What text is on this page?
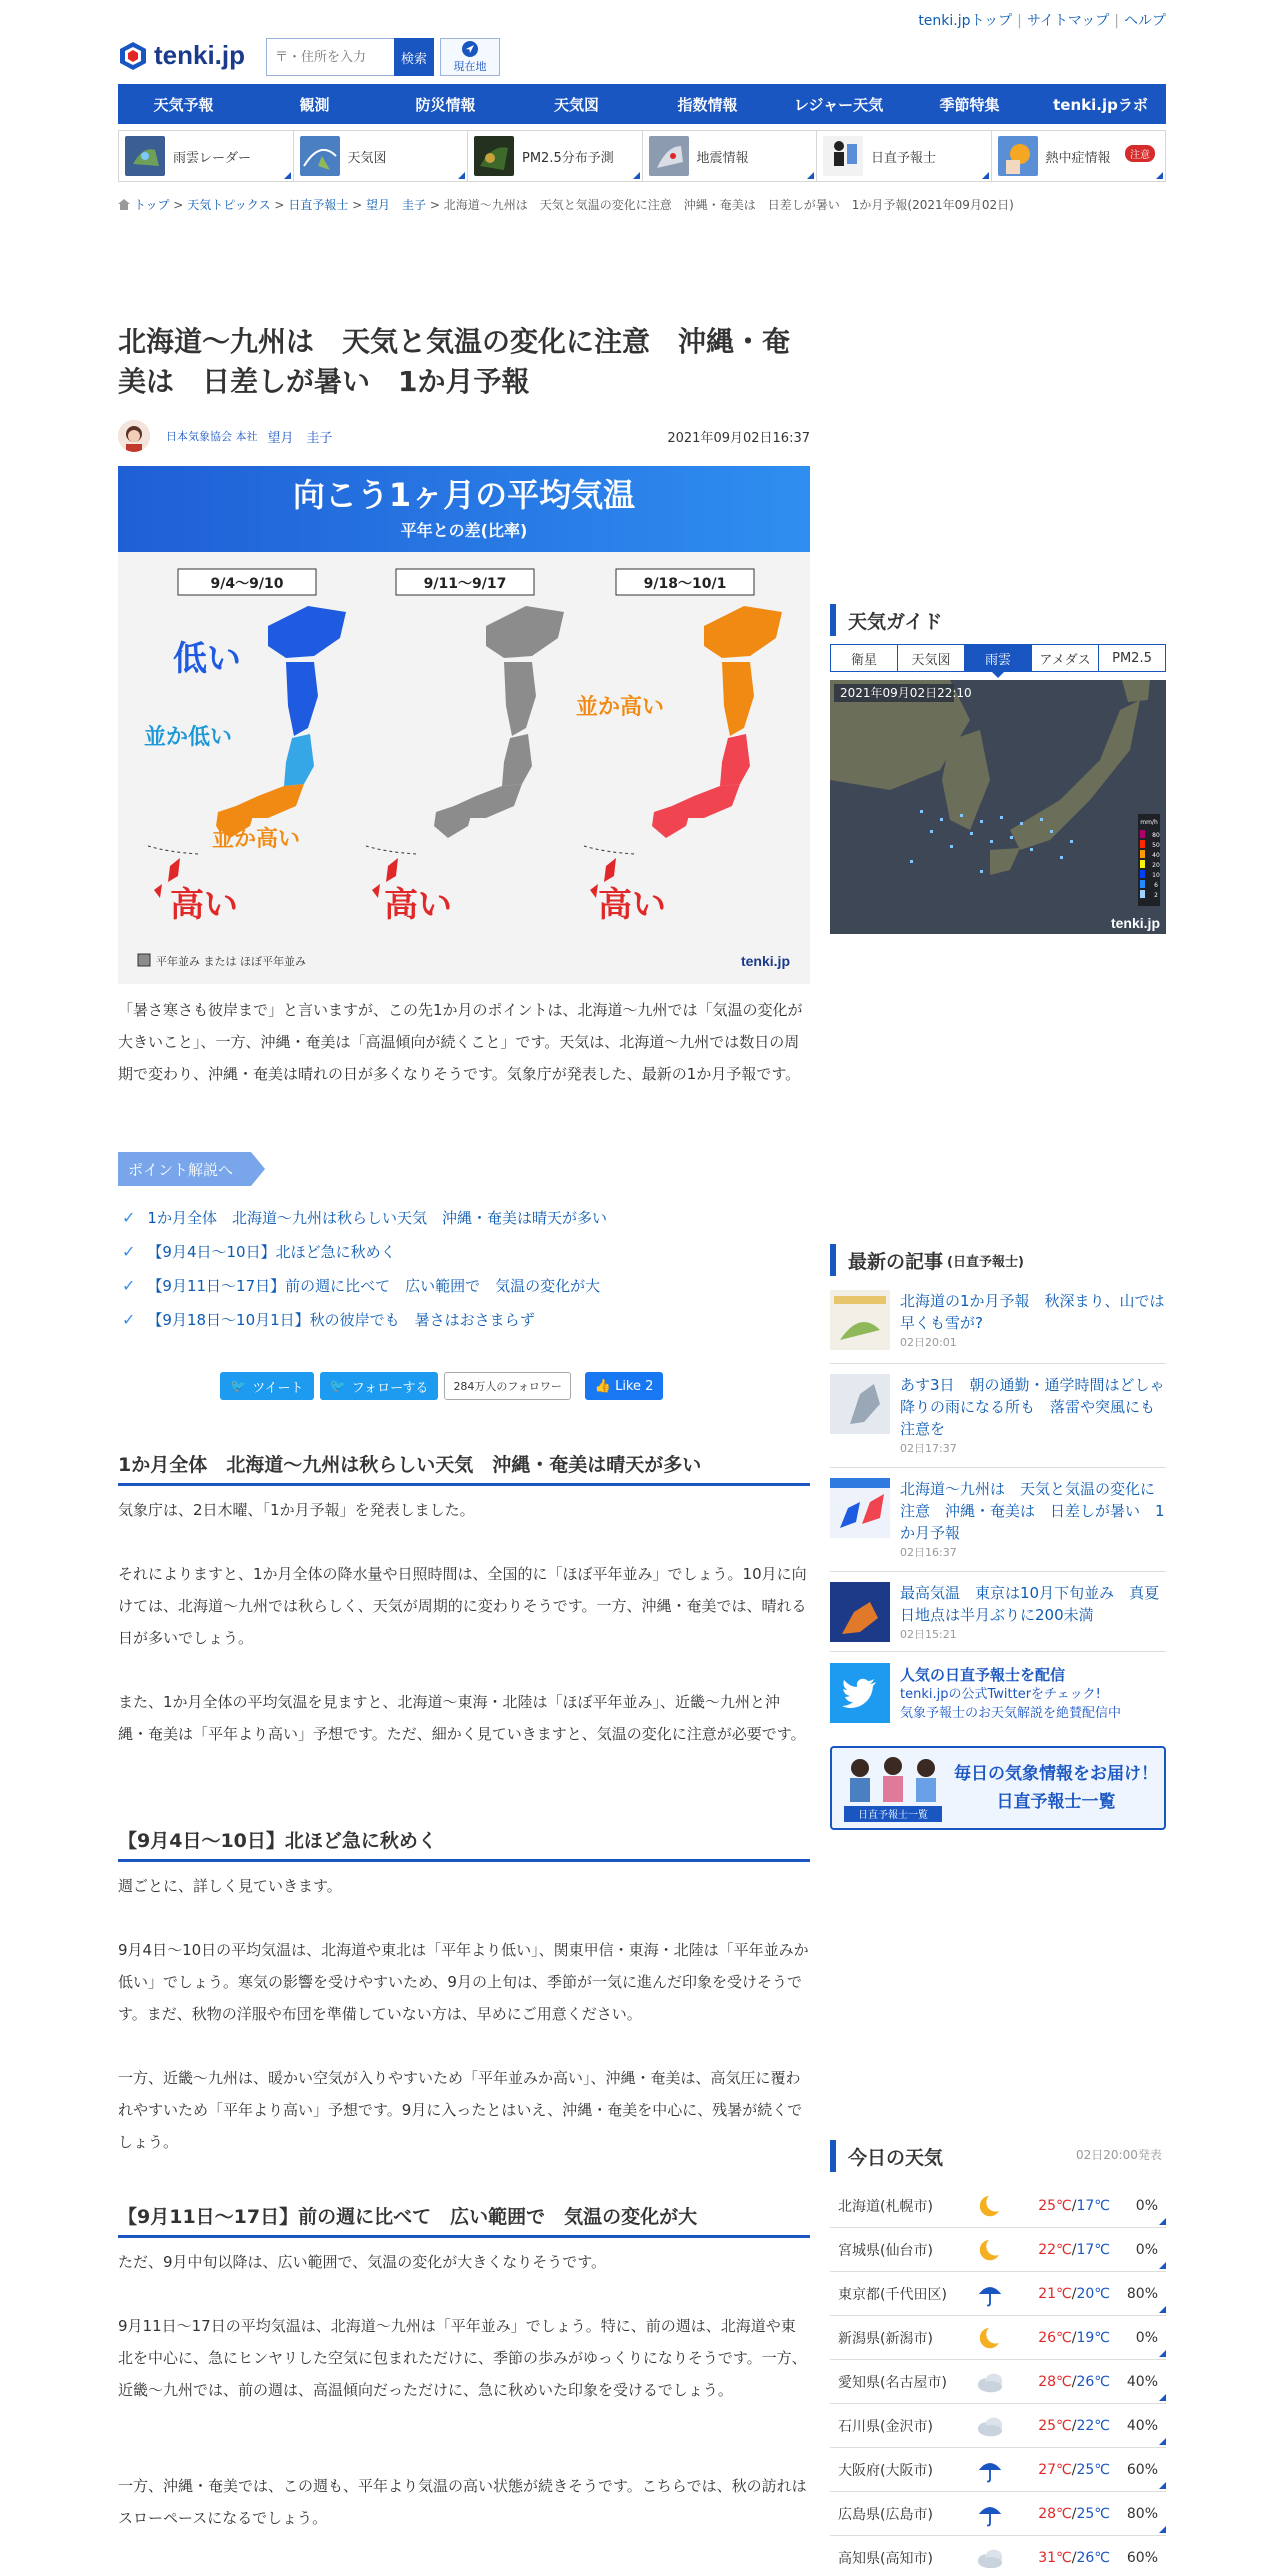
tenki.jpトップ | サイトマップ | ヘルプ
tenki.jp
〒・住所を入力	検索	現在地
天気予報	観測	防災情報	天気図	指数情報	レジャー天気	季節特集	tenki.jpラボ
雨雲レーダー	天気図	PM2.5分布予測	地震情報	日直予報士	熱中症情報	注意
トップ > 天気トピックス > 日直予報士 > 望月　圭子 > 北海道～九州は　天気と気温の変化に注意　沖縄・奄美は　日差しが暑い　1か月予報(2021年09月02日)
北海道～九州は　天気と気温の変化に注意　沖縄・奄美は　日差しが暑い　1か月予報
日本気象協会 本社 望月　圭子	2021年09月02日16:37
向こう1ヶ月の平均気温
平年との差(比率)
9/4～9/10	9/11～9/17	9/18～10/1
低い
並か低い
並か高い
高い	高い
並か高い
高い
平年並み または ほぼ平年並み	tenki.jp

「暑さ寒さも彼岸まで」と言いますが、この先1か月のポイントは、北海道～九州では「気温の変化が大きいこと」、一方、沖縄・奄美は「高温傾向が続くこと」です。天気は、北海道～九州では数日の周期で変わり、沖縄・奄美は晴れの日が多くなりそうです。気象庁が発表した、最新の1か月予報です。

ポイント解説へ
✓ 1か月全体　北海道～九州は秋らしい天気　沖縄・奄美は晴天が多い
✓ 【9月4日～10日】北ほど急に秋めく
✓ 【9月11日～17日】前の週に比べて　広い範囲で　気温の変化が大
✓ 【9月18日～10月1日】秋の彼岸でも　暑さはおさまらず
🐦 ツイート 🐦 フォローする	284万人のフォロワー	👍 Like 2
1か月全体　北海道～九州は秋らしい天気　沖縄・奄美は晴天が多い

気象庁は、2日木曜、「1か月予報」を発表しました。

それによりますと、1か月全体の降水量や日照時間は、全国的に「ほぼ平年並み」でしょう。10月に向けては、北海道～九州では秋らしく、天気が周期的に変わりそうです。一方、沖縄・奄美では、晴れる日が多いでしょう。

また、1か月全体の平均気温を見ますと、北海道～東海・北陸は「ほぼ平年並み」、近畿～九州と沖縄・奄美は「平年より高い」予想です。ただ、細かく見ていきますと、気温の変化に注意が必要です。

【9月4日～10日】北ほど急に秋めく

週ごとに、詳しく見ていきます。

9月4日～10日の平均気温は、北海道や東北は「平年より低い」、関東甲信・東海・北陸は「平年並みか低い」でしょう。寒気の影響を受けやすいため、9月の上旬は、季節が一気に進んだ印象を受けそうです。まだ、秋物の洋服や布団を準備していない方は、早めにご用意ください。

一方、近畿～九州は、暖かい空気が入りやすいため「平年並みか高い」、沖縄・奄美は、高気圧に覆われやすいため「平年より高い」予想です。9月に入ったとはいえ、沖縄・奄美を中心に、残暑が続くでしょう。

【9月11日～17日】前の週に比べて　広い範囲で　気温の変化が大

ただ、9月中旬以降は、広い範囲で、気温の変化が大きくなりそうです。

9月11日～17日の平均気温は、北海道～九州は「平年並み」でしょう。特に、前の週は、北海道や東北を中心に、急にヒンヤリした空気に包まれただけに、季節の歩みがゆっくりになりそうです。一方、近畿～九州では、前の週は、高温傾向だっただけに、急に秋めいた印象を受けるでしょう。

一方、沖縄・奄美では、この週も、平年より気温の高い状態が続きそうです。こちらでは、秋の訪れはスローペースになるでしょう。

天気ガイド
衛星	天気図	雨雲	アメダス	PM2.5
2021年09月02日22:10
mm/h
80
50
40
20
10
6
2
tenki.jp
最新の記事 (日直予報士)
北海道の1か月予報　秋深まり、山では早くも雪が?
02日20:01
あす3日　朝の通勤・通学時間はどしゃ降りの雨になる所も　落雷や突風にも注意を
02日17:37
北海道～九州は　天気と気温の変化に注意　沖縄・奄美は　日差しが暑い　1か月予報
02日16:37
最高気温　東京は10月下旬並み　真夏日地点は半月ぶりに200未満
02日15:21
人気の日直予報士を配信
tenki.jpの公式Twitterをチェック!
気象予報士のお天気解説を絶賛配信中
日直予報士一覧
毎日の気象情報をお届け！
日直予報士一覧
今日の天気	02日20:00発表
北海道(札幌市)	25℃/17℃	0%
宮城県(仙台市)	22℃/17℃	0%
東京都(千代田区)	21℃/20℃	80%
新潟県(新潟市)	26℃/19℃	0%
愛知県(名古屋市)	28℃/26℃	40%
石川県(金沢市)	25℃/22℃	40%
大阪府(大阪市)	27℃/25℃	60%
広島県(広島市)	28℃/25℃	80%
高知県(高知市)	31℃/26℃	60%
